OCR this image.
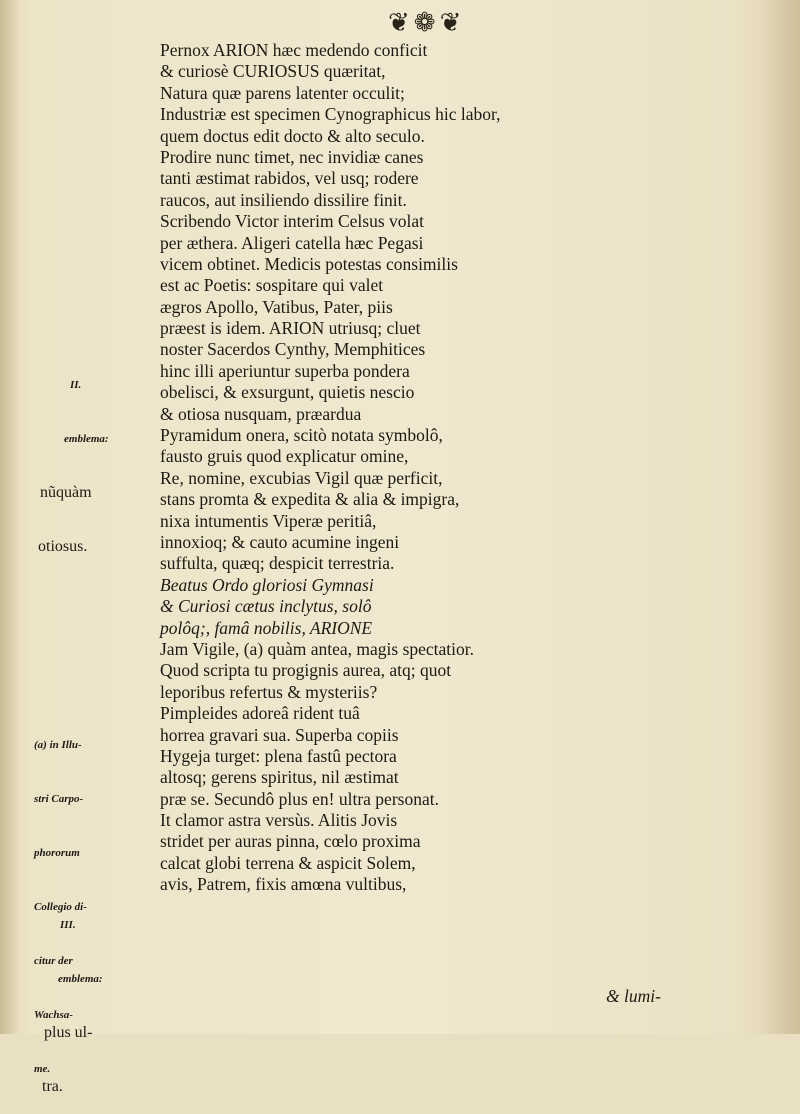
❦❁❦
Pernox ARION hæc medendo conficit
& curiosè CURIOSUS quæritat,
Natura quæ parens latenter occulit;
Industriæ est specimen Cynographicus hic labor,
quem doctus edit docto & alto seculo.
Prodire nunc timet, nec invidiæ canes
tanti æstimat rabidos, vel usq; rodere
raucos, aut insiliendo dissilire finit.
Scribendo Victor interim Celsus volat
per æthera. Aligeri catella hæc Pegasi
vicem obtinet. Medicis potestas consimilis
est ac Poetis: sospitare qui valet
ægros Apollo, Vatibus, Pater, piis
præest is idem. ARION utriusq; cluet
noster Sacerdos Cynthy, Memphitices
hinc illi aperiuntur superba pondera
obelisci, & exsurgunt, quietis nescio
& otiosa nusquam, præardua
Pyramidum onera, scitò notata symbolô,
fausto gruis quod explicatur omine,
Re, nomine, excubias Vigil quæ perficit,
stans promta & expedita & alia & impigra,
nixa intumentis Viperæ peritiâ,
innoxioq; & cauto acumine ingeni
suffulta, quæq; despicit terrestria.
Beatus Ordo gloriosi Gymnasi
& Curiosi cætus inclytus, solô
polôq;, famâ nobilis, ARIONE
Jam Vigile, (a) quàm antea, magis spectatior.
Quod scripta tu progignis aurea, atq; quot
leporibus refertus & mysteriis?
Pimpleides adoreâ rident tuâ
horrea gravari sua. Superba copiis
Hygeja turget: plena fastû pectora
altosq; gerens spiritus, nil æstimat
præ se. Secundô plus en! ultra personat.
It clamor astra versùs. Alitis Jovis
stridet per auras pinna, cœlo proxima
calcat globi terrena & aspicit Solem,
avis, Patrem, fixis amœna vultibus,

II.

emblema:

nũquàm

otiosus.

(a) in Illu-

stri Carpo-

phororum

Collegio di-

citur der

Wachsa-

me.

III.

emblema:

plus ul-

tra.

& lumi-
